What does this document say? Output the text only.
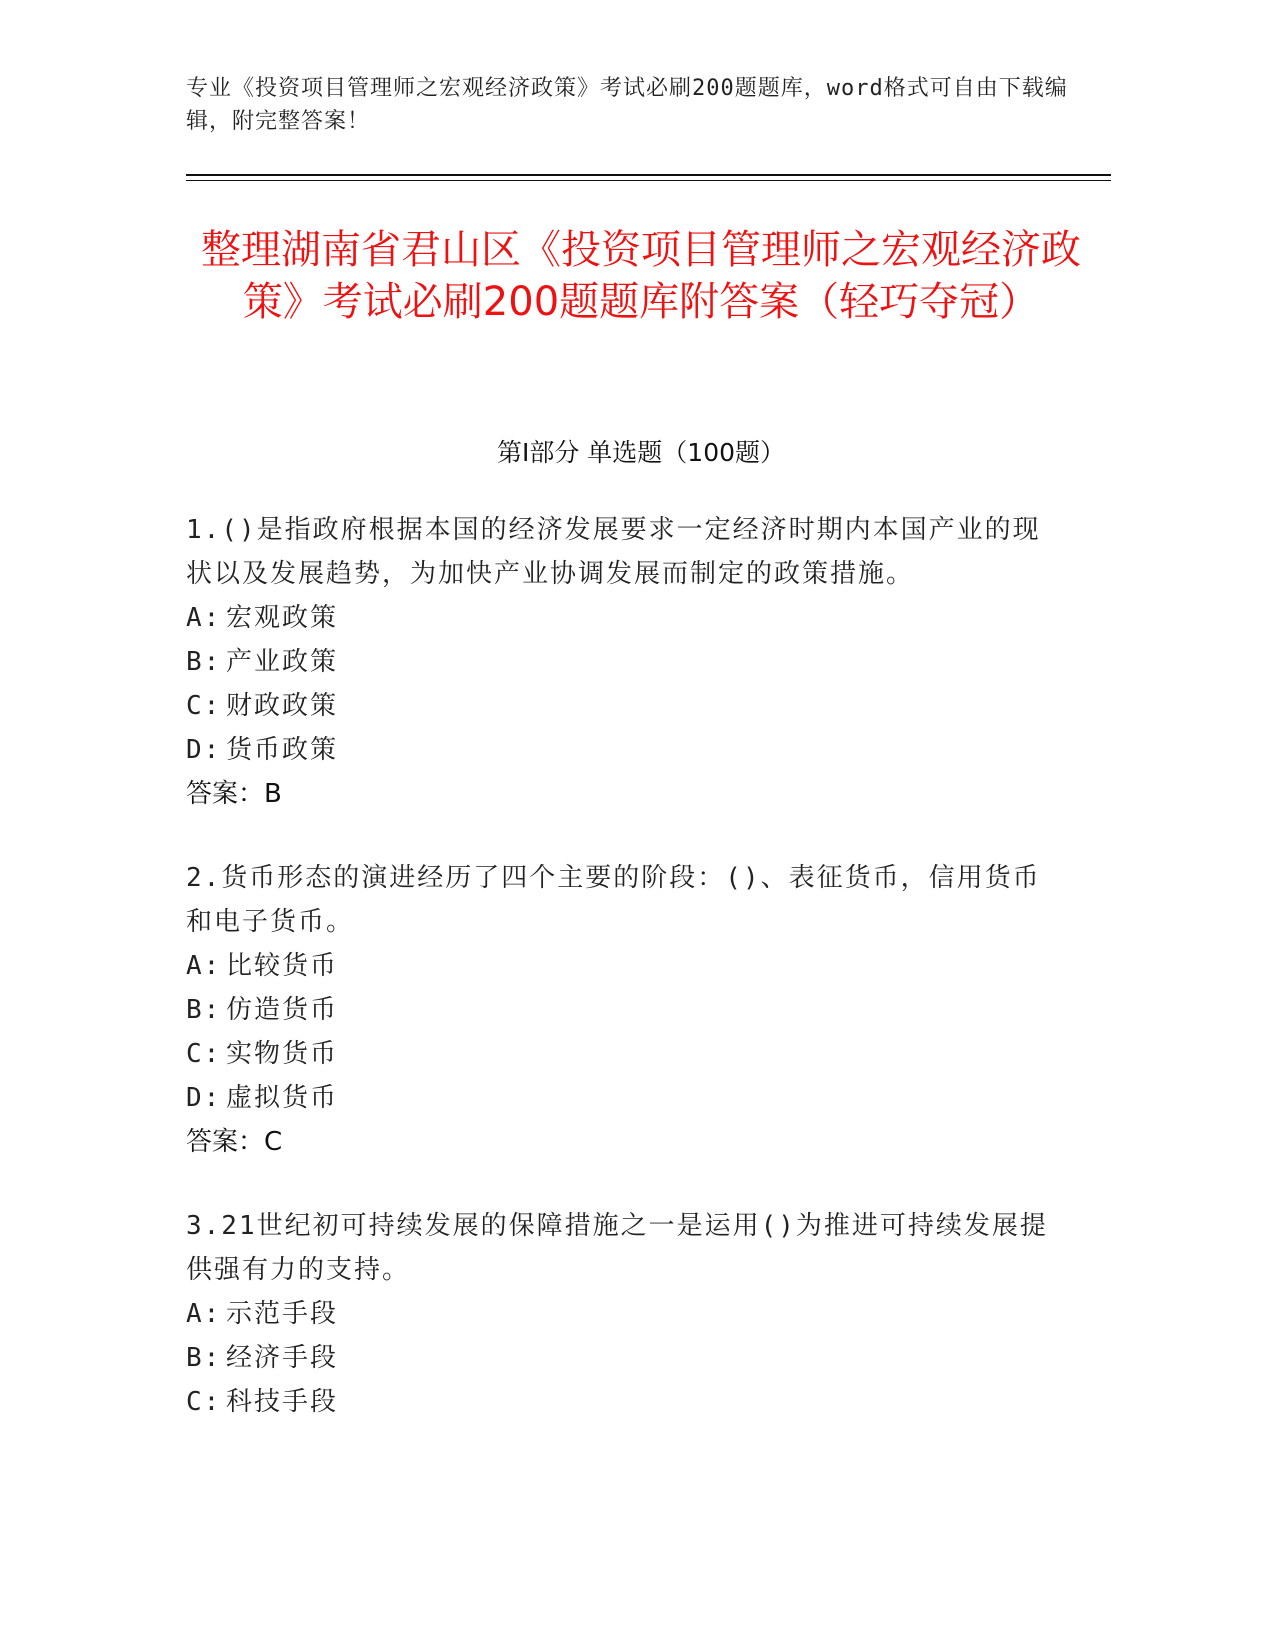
专业《投资项目管理师之宏观经济政策》考试必刷200题题库，word格式可自由下载编辑，附完整答案！
整理湖南省君山区《投资项目管理师之宏观经济政策》考试必刷200题题库附答案（轻巧夺冠）
第I部分 单选题（100题）
1.()是指政府根据本国的经济发展要求一定经济时期内本国产业的现状以及发展趋势，为加快产业协调发展而制定的政策措施。
A: 宏观政策
B: 产业政策
C: 财政政策
D: 货币政策
答案：B
2.货币形态的演进经历了四个主要的阶段：()、表征货币，信用货币和电子货币。
A: 比较货币
B: 仿造货币
C: 实物货币
D: 虚拟货币
答案：C
3.21世纪初可持续发展的保障措施之一是运用()为推进可持续发展提供强有力的支持。
A: 示范手段
B: 经济手段
C: 科技手段
